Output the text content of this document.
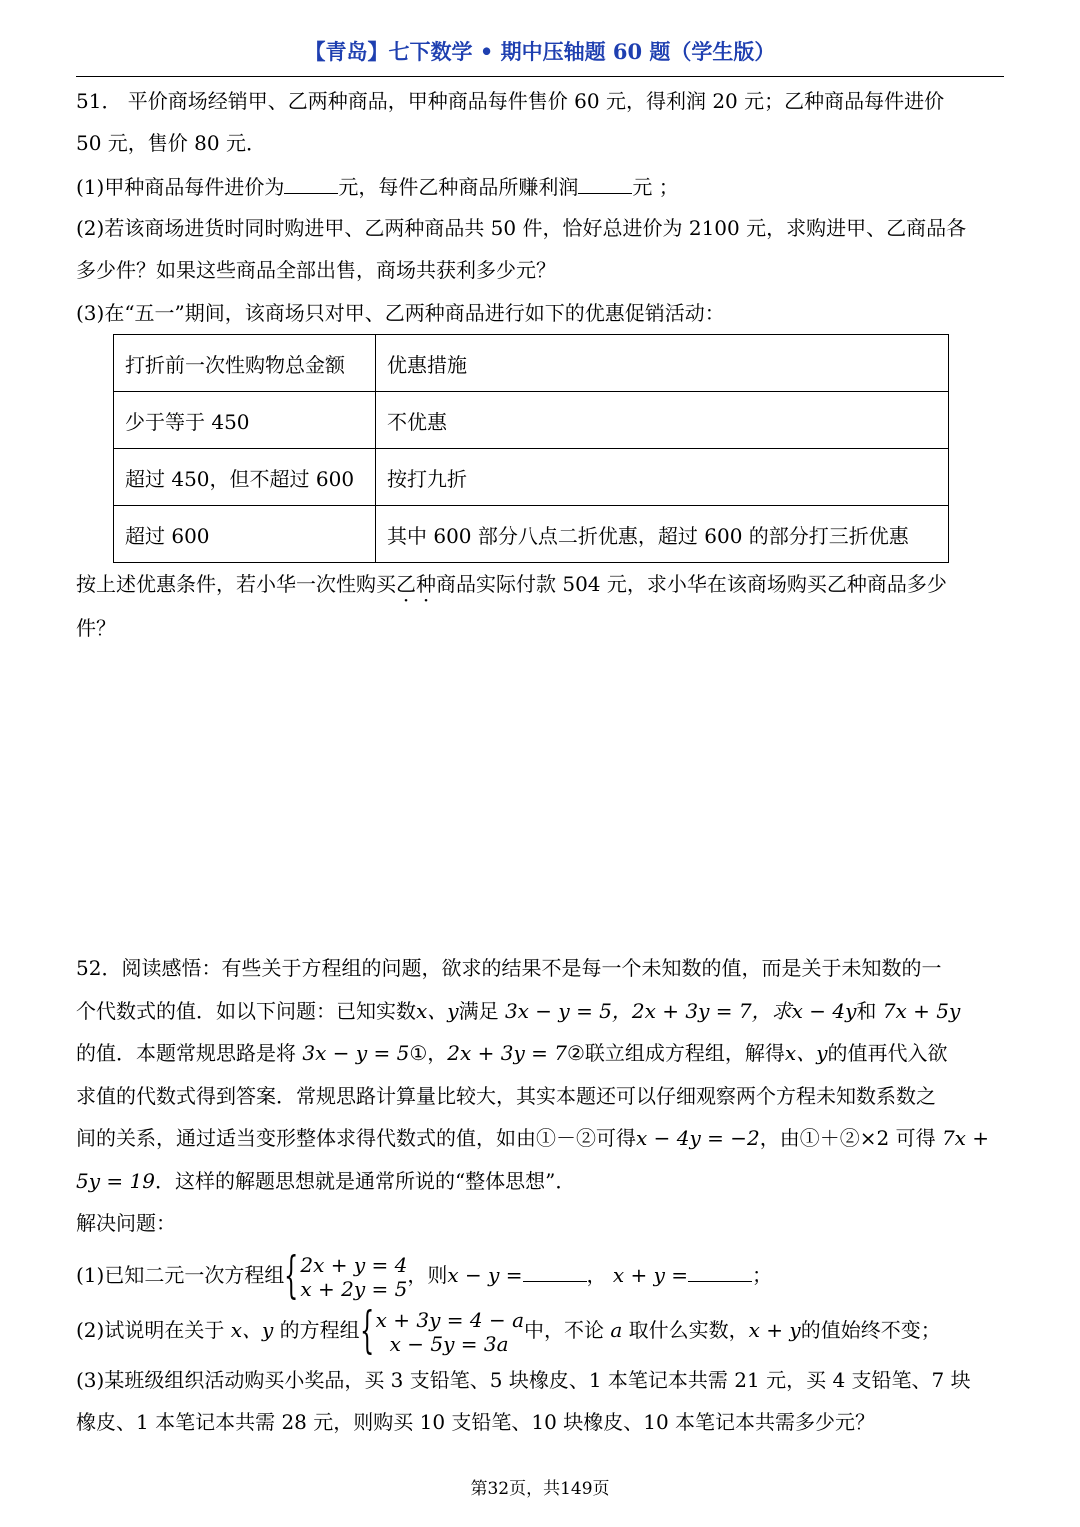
【青岛】七下数学 • 期中压轴题 60 题（学生版）
51． 平价商场经销甲、乙两种商品，甲种商品每件售价 60 元，得利润 20 元；乙种商品每件进价
50 元，售价 80 元．
(1)甲种商品每件进价为	元，每件乙种商品所赚利润	元 ；
(2)若该商场进货时同时购进甲、乙两种商品共 50 件，恰好总进价为 2100 元，求购进甲、乙商品各
多少件？如果这些商品全部出售，商场共获利多少元？
(3)在“五一”期间，该商场只对甲、乙两种商品进行如下的优惠促销活动：
打折前一次性购物总金额	优惠措施
少于等于 450	不优惠
超过 450，但不超过 600	按打九折
超过 600	其中 600 部分八点二折优惠，超过 600 的部分打三折优惠
按上述优惠条件，若小华一次性购买乙种商品实际付款 504 元，求小华在该商场购买乙种商品多少
件？
52．阅读感悟：有些关于方程组的问题，欲求的结果不是每一个未知数的值，而是关于未知数的一
个代数式的值．如以下问题：已知实数x、y满足 3x − y = 5，2x + 3y = 7，求x − 4y和 7x + 5y
的值．本题常规思路是将 3x − y = 5①，2x + 3y = 7②联立组成方程组，解得x、y的值再代入欲
求值的代数式得到答案．常规思路计算量比较大，其实本题还可以仔细观察两个方程未知数系数之
间的关系，通过适当变形整体求得代数式的值，如由①－②可得x − 4y = −2，由①＋②×2 可得 7x +
5y = 19．这样的解题思想就是通常所说的“整体思想”．
解决问题：
(1)已知二元一次方程组 { 2x + y = 4
x + 2y = 5
，则x − y =	， x + y =	；
(2)试说明在关于 x、y 的方程组 { x + 3y = 4 − a
x − 5y = 3a
中，不论 a 取什么实数，x + y的值始终不变；
(3)某班级组织活动购买小奖品，买 3 支铅笔、5 块橡皮、1 本笔记本共需 21 元，买 4 支铅笔、7 块
橡皮、1 本笔记本共需 28 元，则购买 10 支铅笔、10 块橡皮、10 本笔记本共需多少元？
第32页，共149页
